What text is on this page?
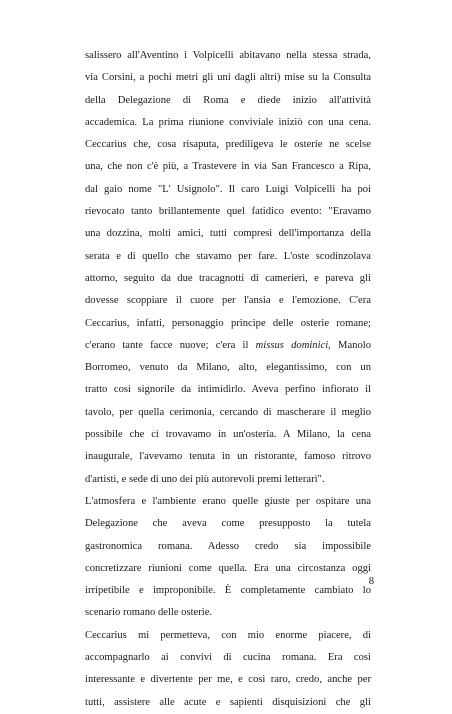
salissero all'Aventino i Volpicelli abitavano nella stessa strada,
via Corsini, a pochi metri gli uni dagli altri) mise su la Consulta
della Delegazione di Roma e diede inizio all'attività
accademica. La prima riunione conviviale iniziò con una cena.
Ceccarius che, cosa risaputa, prediligeva le osterie ne scelse
una, che non c'è più, a Trastevere in via San Francesco a Ripa,
dal gaio nome "L' Usignolo". Il caro Luigi Volpicelli ha poi
rievocato tanto brillantemente quel fatidico evento: "Eravamo
una dozzina, molti amici, tutti compresi dell'importanza della
serata e di quello che stavamo per fare. L'oste scodinzolava
attorno, seguito da due tracagnotti di camerieri, e pareva gli
dovesse scoppiare il cuore per l'ansia e l'emozione. C'era
Ceccarius, infatti, personaggio principe delle osterie romane;
c'erano tante facce nuove; c'era il missus dominici, Manolo
Borromeo, venuto da Milano, alto, elegantissimo, con un
tratto così signorile da intimidirlo. Aveva perfino infiorato il
tavolo, per quella cerimonia, cercando di mascherare il meglio
possibile che ci trovavamo in un'osteria. A Milano, la cena
inaugurale, l'avevamo tenuta in un ristorante, famoso ritrovo
d'artisti, e sede di uno dei più autorevoli premi letterari".
L'atmosfera e l'ambiente erano quelle giuste per ospitare una
Delegazione che aveva come presupposto la tutela
gastronomica romana. Adesso credo sia impossibile
concretizzare riunioni come quella. Era una circostanza oggi
irripetibile e improponibile. È completamente cambiato lo
scenario romano delle osterie.
Ceccarius mi permetteva, con mio enorme piacere, di
accompagnarlo ai convivi di cucina romana. Era così
interessante e divertente per me, e così raro, credo, anche per
tutti, assistere alle acute e sapienti disquisizioni che gli
8
